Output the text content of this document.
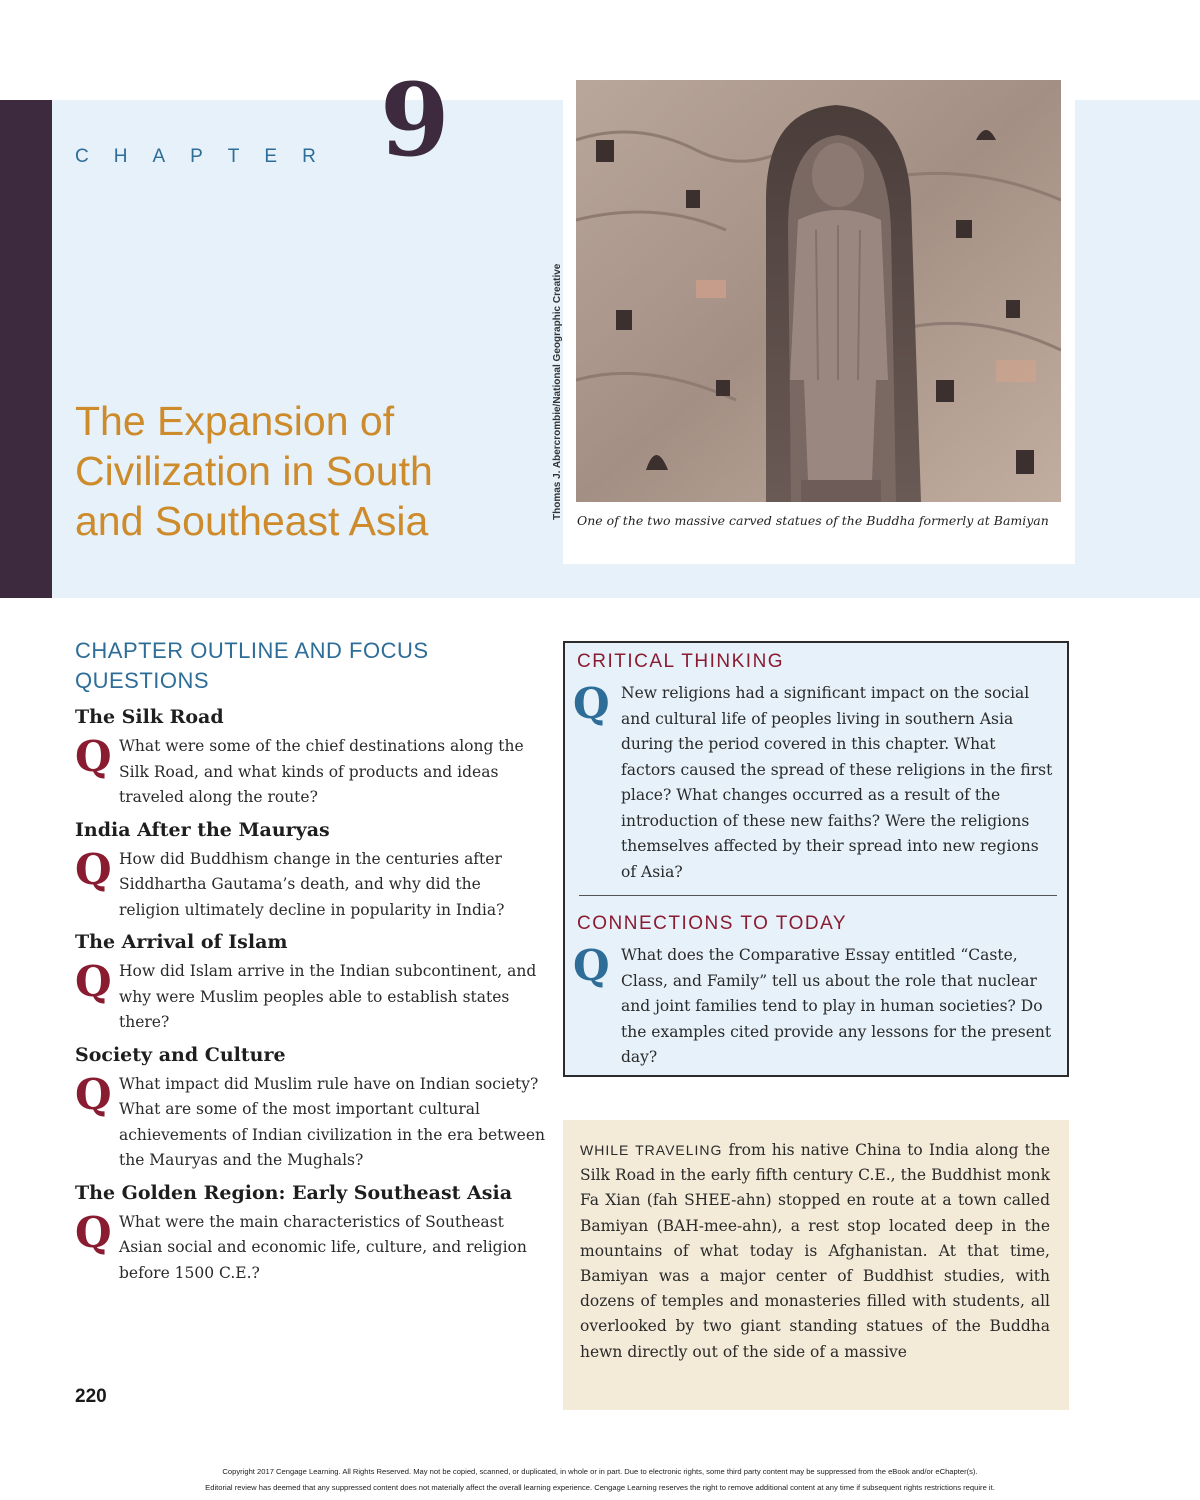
CHAPTER 9
The Expansion of
Civilization in South
and Southeast Asia
Thomas J. Abercrombie/National Geographic Creative
One of the two massive carved statues of the Buddha formerly at Bamiyan
CHAPTER OUTLINE AND FOCUS QUESTIONS
The Silk Road
Q What were some of the chief destinations along the Silk Road, and what kinds of products and ideas traveled along the route?
India After the Mauryas
Q How did Buddhism change in the centuries after Siddhartha Gautama’s death, and why did the religion ultimately decline in popularity in India?
The Arrival of Islam
Q How did Islam arrive in the Indian subcontinent, and why were Muslim peoples able to establish states there?
Society and Culture
Q What impact did Muslim rule have on Indian society? What are some of the most important cultural achievements of Indian civilization in the era between the Mauryas and the Mughals?
The Golden Region: Early Southeast Asia
Q What were the main characteristics of Southeast Asian social and economic life, culture, and religion before 1500 C.E.?
CRITICAL THINKING
Q New religions had a significant impact on the social and cultural life of peoples living in southern Asia during the period covered in this chapter. What factors caused the spread of these religions in the first place? What changes occurred as a result of the introduction of these new faiths? Were the religions themselves affected by their spread into new regions of Asia?
CONNECTIONS TO TODAY
Q What does the Comparative Essay entitled “Caste, Class, and Family” tell us about the role that nuclear and joint families tend to play in human societies? Do the examples cited provide any lessons for the present day?
WHILE TRAVELING from his native China to India along the Silk Road in the early fifth century C.E., the Buddhist monk Fa Xian (fah SHEE-ahn) stopped en route at a town called Bamiyan (BAH-mee-ahn), a rest stop located deep in the mountains of what today is Afghanistan. At that time, Bamiyan was a major center of Buddhist studies, with dozens of temples and monasteries filled with students, all overlooked by two giant standing statues of the Buddha hewn directly out of the side of a massive
220
Copyright 2017 Cengage Learning. All Rights Reserved. May not be copied, scanned, or duplicated, in whole or in part. Due to electronic rights, some third party content may be suppressed from the eBook and/or eChapter(s).
Editorial review has deemed that any suppressed content does not materially affect the overall learning experience. Cengage Learning reserves the right to remove additional content at any time if subsequent rights restrictions require it.
